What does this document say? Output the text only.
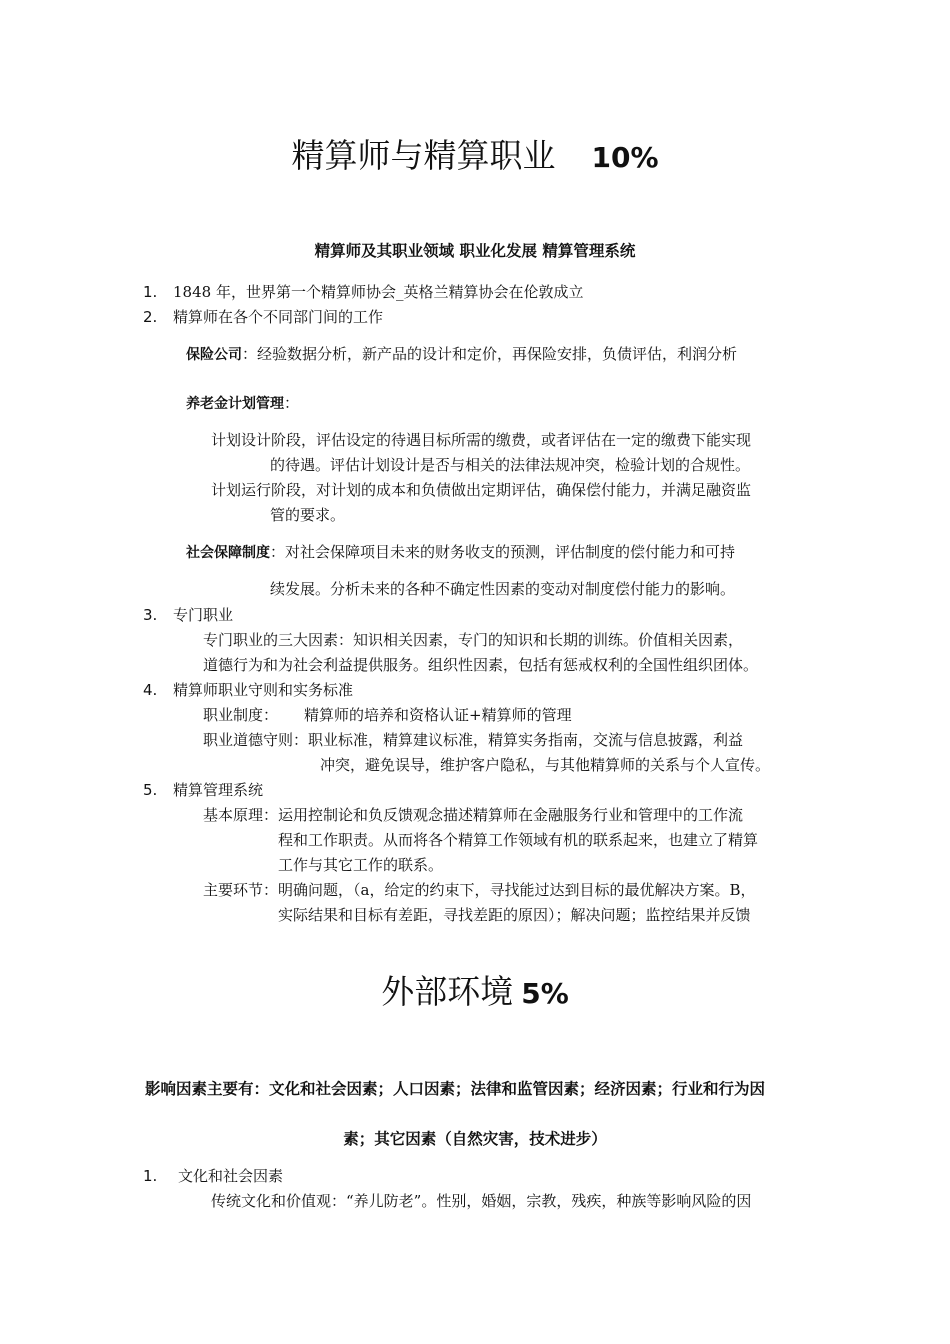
精算师与精算职业 10%
精算师及其职业领域 职业化发展 精算管理系统
1. 1848 年，世界第一个精算师协会_英格兰精算协会在伦敦成立
2. 精算师在各个不同部门间的工作
保险公司：经验数据分析，新产品的设计和定价，再保险安排，负债评估，利润分析
养老金计划管理：
计划设计阶段，评估设定的待遇目标所需的缴费，或者评估在一定的缴费下能实现
的待遇。评估计划设计是否与相关的法律法规冲突，检验计划的合规性。
计划运行阶段，对计划的成本和负债做出定期评估，确保偿付能力，并满足融资监
管的要求。
社会保障制度：对社会保障项目未来的财务收支的预测，评估制度的偿付能力和可持
续发展。分析未来的各种不确定性因素的变动对制度偿付能力的影响。
3. 专门职业
专门职业的三大因素：知识相关因素，专门的知识和长期的训练。价值相关因素，
道德行为和为社会利益提供服务。组织性因素，包括有惩戒权利的全国性组织团体。
4. 精算师职业守则和实务标准
职业制度： 精算师的培养和资格认证+精算师的管理
职业道德守则：职业标准，精算建议标准，精算实务指南，交流与信息披露，利益
冲突，避免误导，维护客户隐私，与其他精算师的关系与个人宣传。
5. 精算管理系统
基本原理：运用控制论和负反馈观念描述精算师在金融服务行业和管理中的工作流
程和工作职责。从而将各个精算工作领域有机的联系起来，也建立了精算
工作与其它工作的联系。
主要环节：明确问题，（a，给定的约束下，寻找能过达到目标的最优解决方案。B，
实际结果和目标有差距，寻找差距的原因）；解决问题；监控结果并反馈
外部环境 5%
影响因素主要有：文化和社会因素；人口因素；法律和监管因素；经济因素；行业和行为因
素；其它因素（自然灾害，技术进步）
1. 文化和社会因素
传统文化和价值观：“养儿防老”。性别，婚姻，宗教，残疾，种族等影响风险的因
